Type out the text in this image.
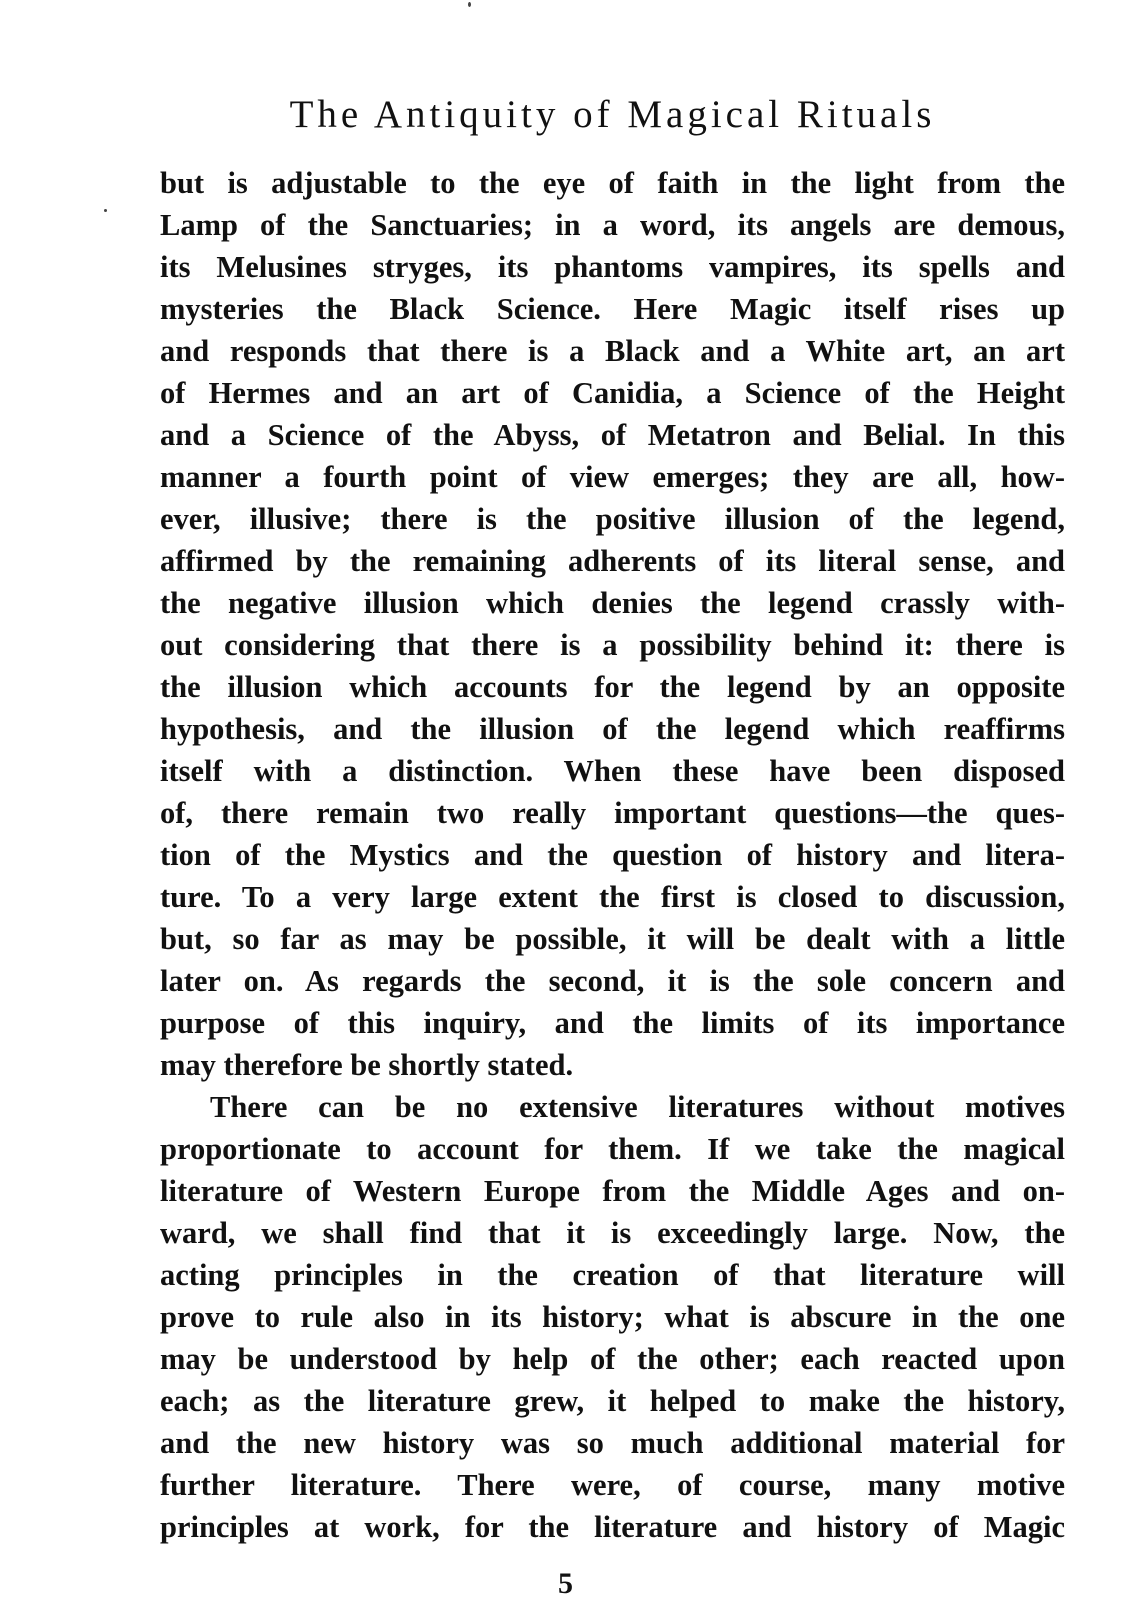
The Antiquity of Magical Rituals
but is adjustable to the eye of faith in the light from the
Lamp of the Sanctuaries; in a word, its angels are demous,
its Melusines stryges, its phantoms vampires, its spells and
mysteries the Black Science. Here Magic itself rises up
and responds that there is a Black and a White art, an art
of Hermes and an art of Canidia, a Science of the Height
and a Science of the Abyss, of Metatron and Belial. In this
manner a fourth point of view emerges; they are all, how-
ever, illusive; there is the positive illusion of the legend,
affirmed by the remaining adherents of its literal sense, and
the negative illusion which denies the legend crassly with-
out considering that there is a possibility behind it: there is
the illusion which accounts for the legend by an opposite
hypothesis, and the illusion of the legend which reaffirms
itself with a distinction. When these have been disposed
of, there remain two really important questions—the ques-
tion of the Mystics and the question of history and litera-
ture. To a very large extent the first is closed to discussion,
but, so far as may be possible, it will be dealt with a little
later on. As regards the second, it is the sole concern and
purpose of this inquiry, and the limits of its importance
may therefore be shortly stated.
There can be no extensive literatures without motives
proportionate to account for them. If we take the magical
literature of Western Europe from the Middle Ages and on-
ward, we shall find that it is exceedingly large. Now, the
acting principles in the creation of that literature will
prove to rule also in its history; what is abscure in the one
may be understood by help of the other; each reacted upon
each; as the literature grew, it helped to make the history,
and the new history was so much additional material for
further literature. There were, of course, many motive
principles at work, for the literature and history of Magic
5
